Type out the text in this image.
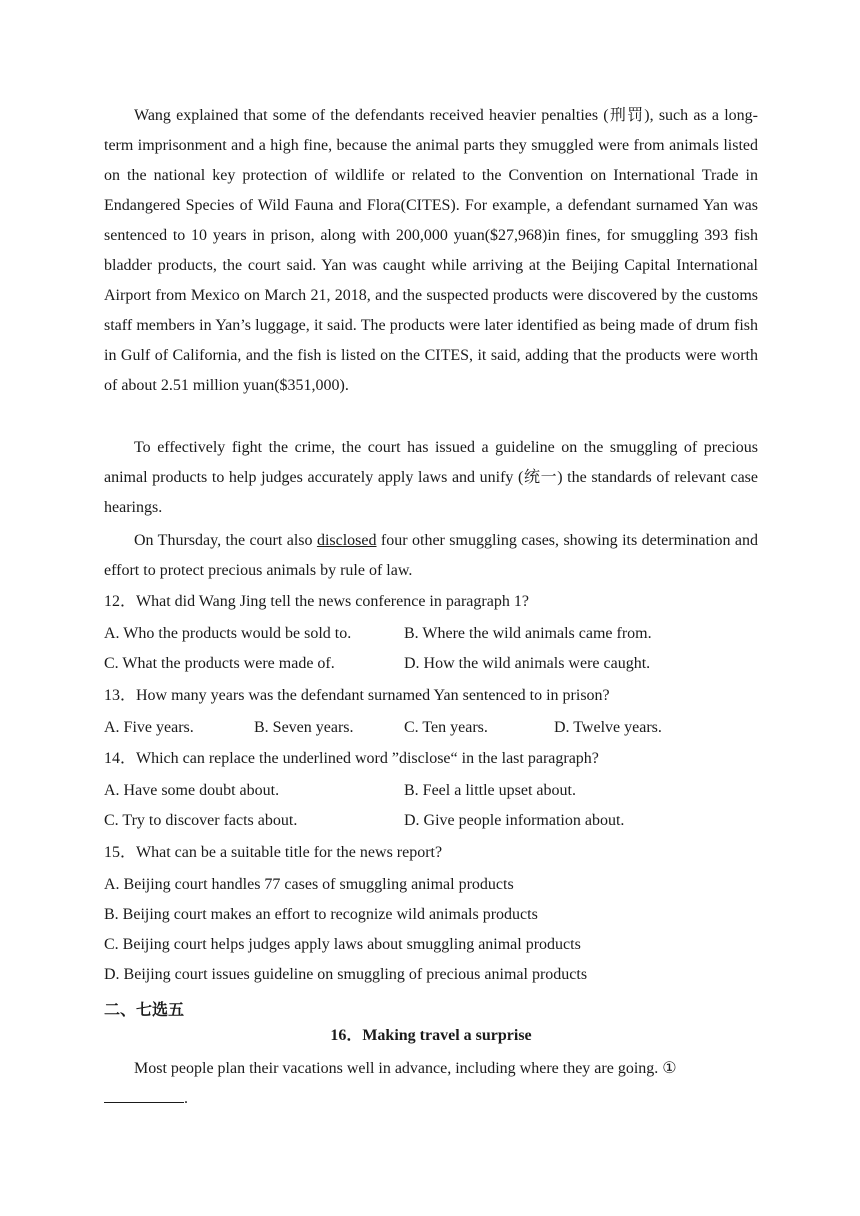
Wang explained that some of the defendants received heavier penalties (刑罚), such as a long-term imprisonment and a high fine, because the animal parts they smuggled were from animals listed on the national key protection of wildlife or related to the Convention on International Trade in Endangered Species of Wild Fauna and Flora(CITES). For example, a defendant surnamed Yan was sentenced to 10 years in prison, along with 200,000 yuan($27,968)in fines, for smuggling 393 fish bladder products, the court said. Yan was caught while arriving at the Beijing Capital International Airport from Mexico on March 21, 2018, and the suspected products were discovered by the customs staff members in Yan’s luggage, it said. The products were later identified as being made of drum fish in Gulf of California, and the fish is listed on the CITES, it said, adding that the products were worth of about 2.51 million yuan($351,000).

To effectively fight the crime, the court has issued a guideline on the smuggling of precious animal products to help judges accurately apply laws and unify (统一) the standards of relevant case hearings.

On Thursday, the court also disclosed four other smuggling cases, showing its determination and effort to protect precious animals by rule of law.

12．What did Wang Jing tell the news conference in paragraph 1?

A. Who the products would be sold to.	B. Where the wild animals came from.
C. What the products were made of.	D. How the wild animals were caught.

13．How many years was the defendant surnamed Yan sentenced to in prison?

A. Five years.	B. Seven years.	C. Ten years.	D. Twelve years.

14．Which can replace the underlined word ”disclose“ in the last paragraph?

A. Have some doubt about.	B. Feel a little upset about.
C. Try to discover facts about.	D. Give people information about.

15．What can be a suitable title for the news report?

A. Beijing court handles 77 cases of smuggling animal products
B. Beijing court makes an effort to recognize wild animals products
C. Beijing court helps judges apply laws about smuggling animal products
D. Beijing court issues guideline on smuggling of precious animal products
二、七选五
16．Making travel a surprise

Most people plan their vacations well in advance, including where they are going. ①
.
